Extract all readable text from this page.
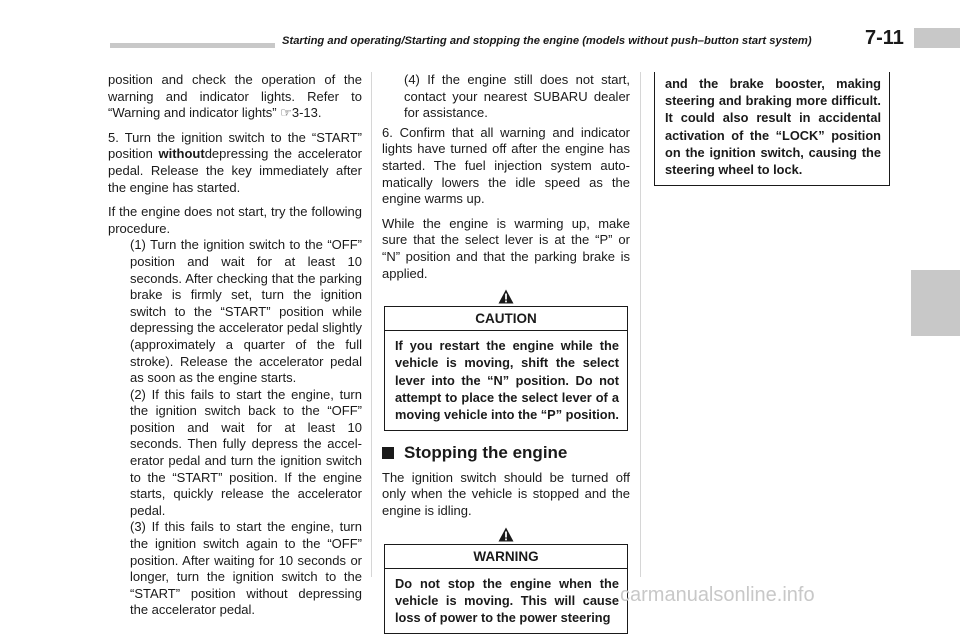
Starting and operating/Starting and stopping the engine (models without push–button start system)	7-11

position and check the operation of the warning and indicator lights. Refer to “Warning and indicator lights” ☞3-13.

5. Turn the ignition switch to the “START” position withoutdepressing the accelerator pedal. Release the key immediately after the engine has started.

If the engine does not start, try the following procedure.

(1) Turn the ignition switch to the “OFF” position and wait for at least 10 seconds. After checking that the parking brake is firmly set, turn the ignition switch to the “START” position while depressing the accelerator pedal slightly (approximately a quarter of the full stroke). Release the accelerator pedal as soon as the engine starts.

(2) If this fails to start the engine, turn the ignition switch back to the “OFF” position and wait for at least 10 seconds. Then fully depress the accelerator pedal and turn the ignition switch to the “START” position. If the engine starts, quickly release the accelerator pedal.

(3) If this fails to start the engine, turn the ignition switch again to the “OFF” position. After waiting for 10 seconds or longer, turn the ignition switch to the “START” position without depressing the accelerator pedal.

(4) If the engine still does not start, contact your nearest SUBARU dealer for assistance.

6. Confirm that all warning and indicator lights have turned off after the engine has started. The fuel injection system automatically lowers the idle speed as the engine warms up.

While the engine is warming up, make sure that the select lever is at the “P” or “N” position and that the parking brake is applied.

CAUTION
If you restart the engine while the vehicle is moving, shift the select lever into the “N” position. Do not attempt to place the select lever of a moving vehicle into the “P” position.
Stopping the engine

The ignition switch should be turned off only when the vehicle is stopped and the engine is idling.

WARNING
Do not stop the engine when the vehicle is moving. This will cause loss of power to the power steering
and the brake booster, making steering and braking more difficult. It could also result in accidental activation of the “LOCK” position on the ignition switch, causing the steering wheel to lock.
carmanualsonline.info
